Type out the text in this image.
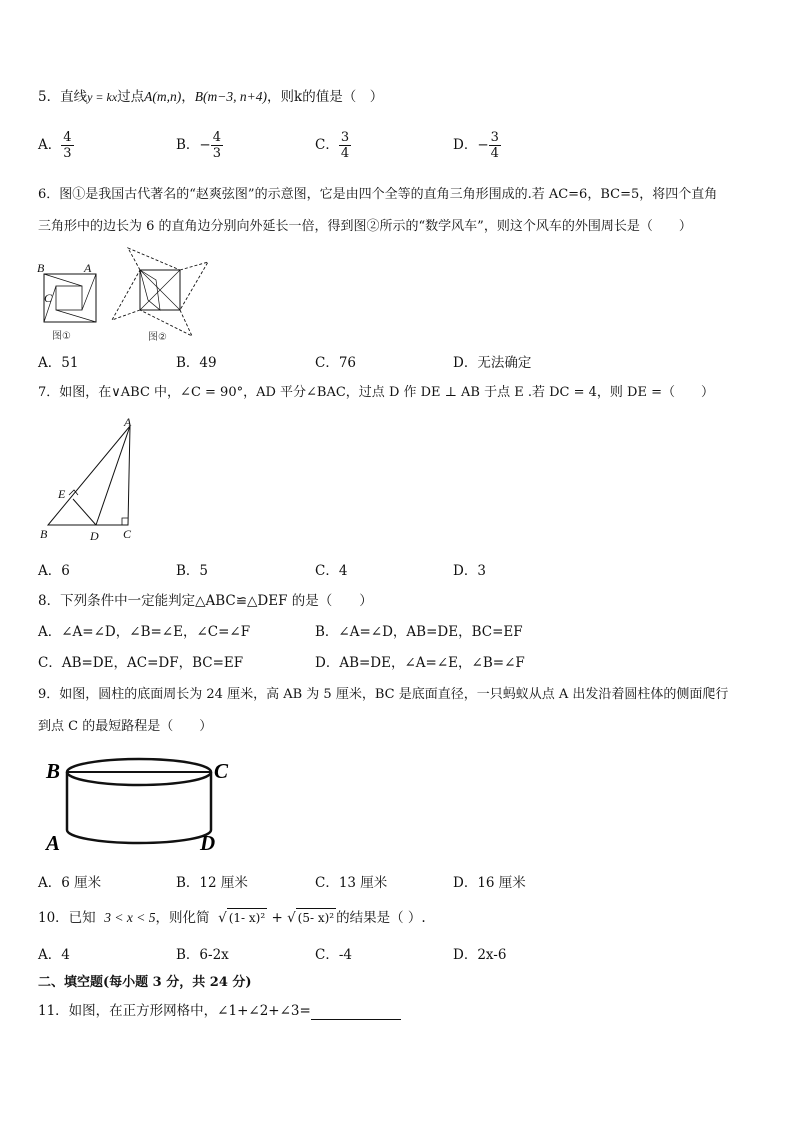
5．直线y = kx过点A(m,n)，B(m−3, n+4)，则k的值是（　）
A． $\frac{4}{3}$	B．− $\frac{4}{3}$	C． $\frac{3}{4}$	D．− $\frac{3}{4}$
6．图①是我国古代著名的“赵爽弦图”的示意图，它是由四个全等的直角三角形围成的.若 AC=6，BC=5，将四个直角
三角形中的边长为 6 的直角边分别向外延长一倍，得到图②所示的“数学风车”，则这个风车的外围周长是（　　）
B	A
C
图①	图②
A．51	B．49	C．76	D．无法确定
7．如图，在∨ABC 中，∠C = 90°，AD 平分∠BAC，过点 D 作 DE ⊥ AB 于点 E .若 DC = 4，则 DE =（　　）
A
B	C
D
E
A．6	B．5	C．4	D．3
8．下列条件中一定能判定△ABC≌△DEF 的是（　　）
A．∠A=∠D，∠B=∠E，∠C=∠F	B．∠A=∠D，AB=DE，BC=EF
C．AB=DE，AC=DF，BC=EF	D．AB=DE，∠A=∠E，∠B=∠F
9．如图，圆柱的底面周长为 24 厘米，高 AB 为 5 厘米，BC 是底面直径，一只蚂蚁从点 A 出发沿着圆柱体的侧面爬行
到点 C 的最短路程是（　　）
B	C
A	D
A．6 厘米	B．12 厘米	C．13 厘米	D．16 厘米
10．已知 3 < x < 5，则化简 √ (1- x)² + √ (5- x)² 的结果是（ ）.
A．4	B．6-2x	C．-4	D．2x-6
二、填空题(每小题 3 分，共 24 分)
11．如图，在正方形网格中，∠1+∠2+∠3=
